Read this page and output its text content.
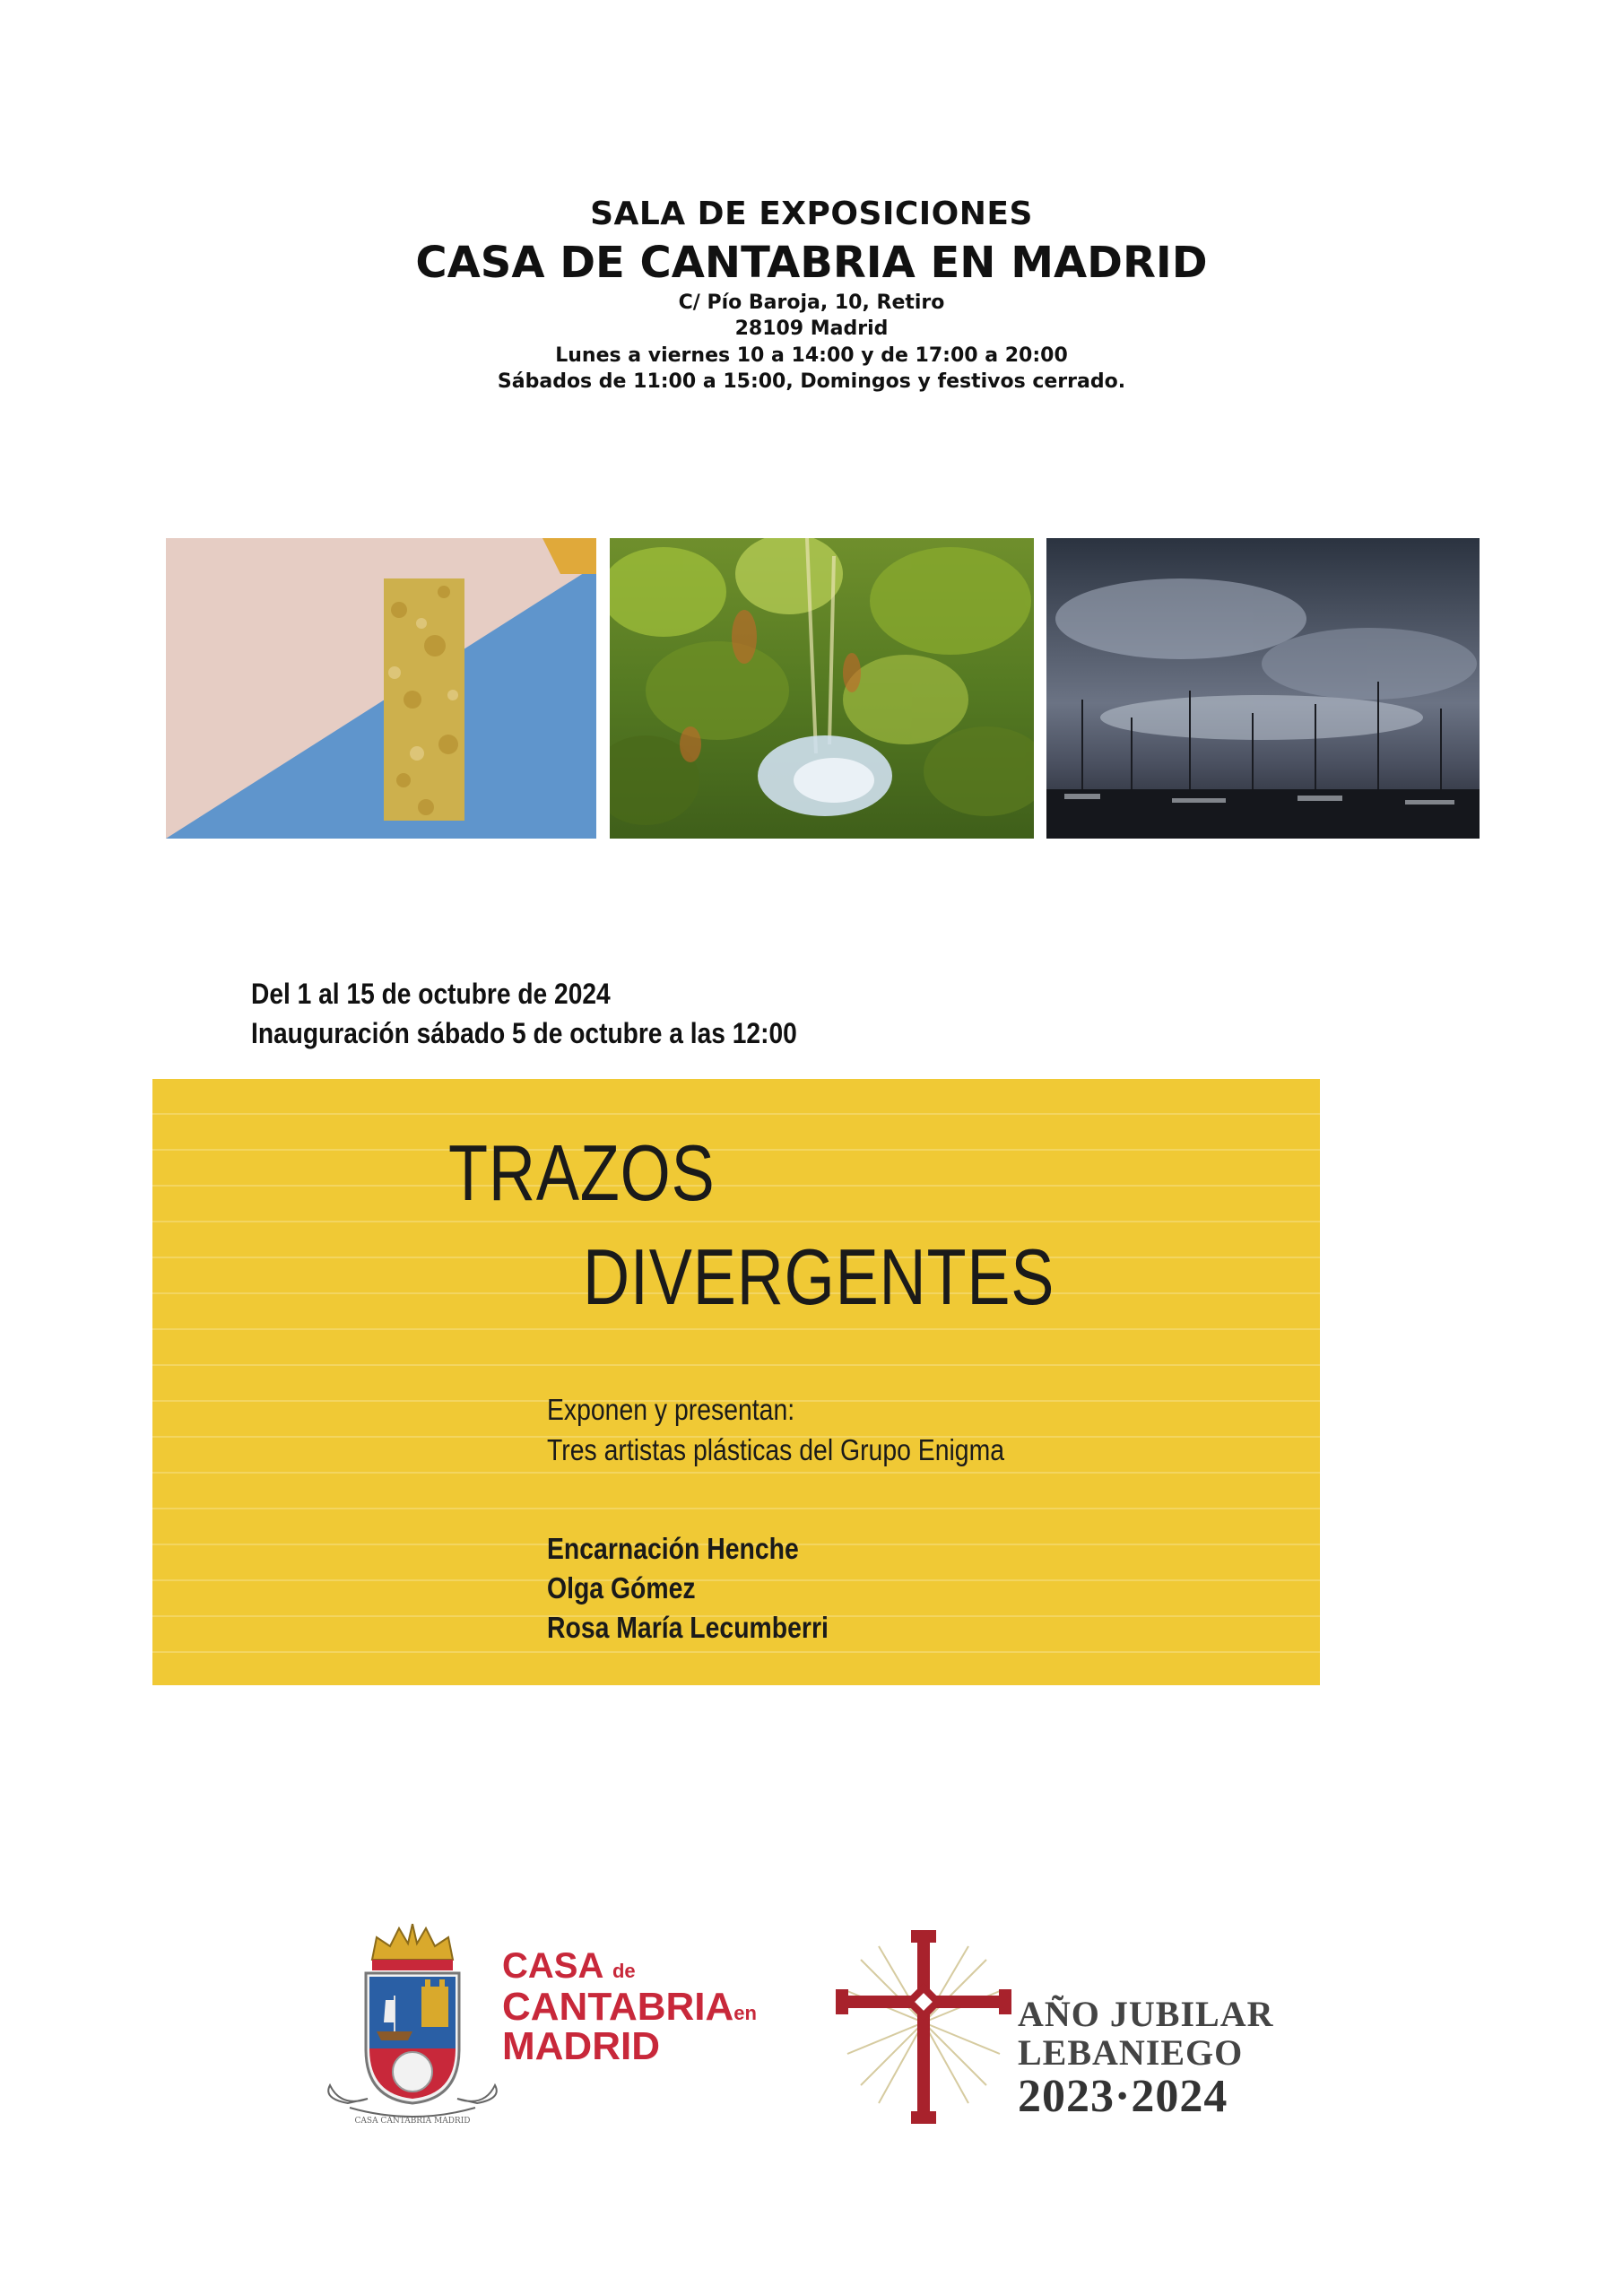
SALA DE EXPOSICIONES
CASA DE CANTABRIA EN MADRID
C/ Pío Baroja, 10, Retiro
28109 Madrid
Lunes a viernes 10 a 14:00 y de 17:00 a 20:00
Sábados de 11:00 a 15:00, Domingos y festivos cerrado.
Del 1 al 15 de octubre de 2024
Inauguración sábado 5 de octubre a las 12:00
TRAZOS
DIVERGENTES
Exponen y presentan:
Tres artistas plásticas del Grupo Enigma
Encarnación Henche
Olga Gómez
Rosa María Lecumberri
CASA CANTABRIA MADRID
CASA de
CANTABRIAen
MADRID
AÑO JUBILAR
LEBANIEGO
2023·2024
